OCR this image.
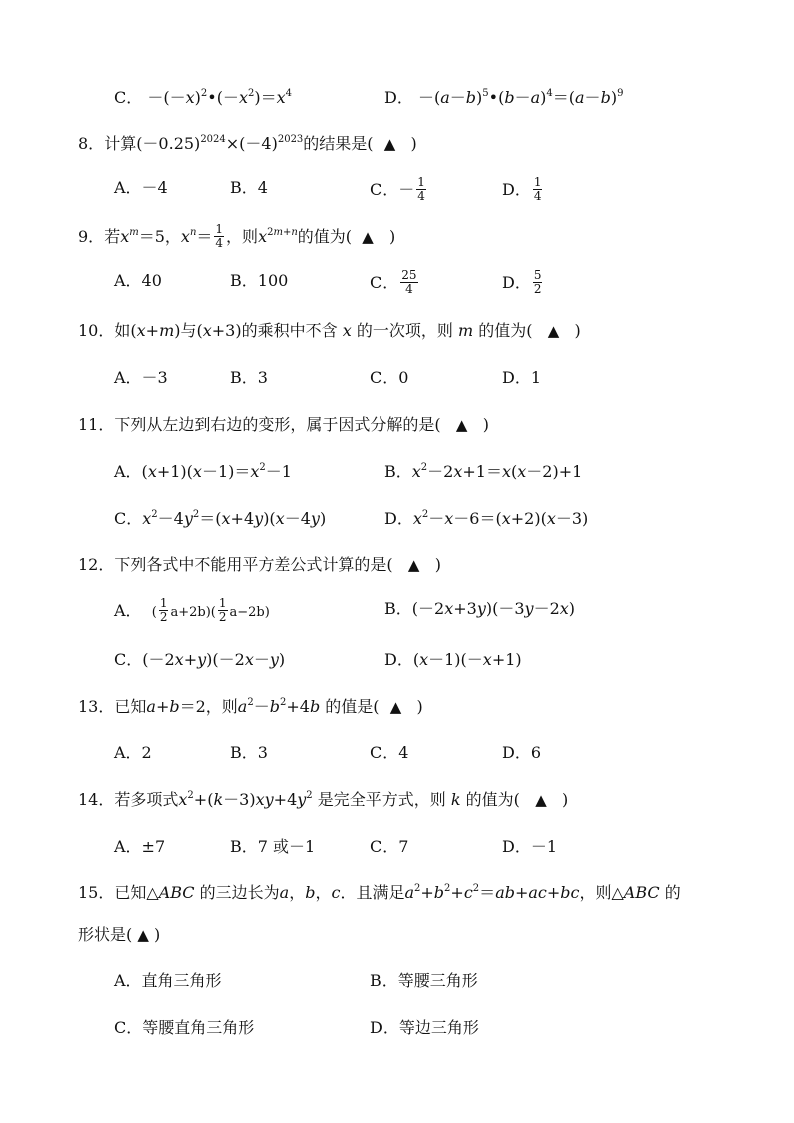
C． $-(-x)^2•(-x^2)=x^4$	D． $-(a-b)^5•(b-a)^4=(a-b)^9$
8．计算$(-0.25)^{2024}\times(-4)^{2023}$的结果是( ▲ )
A．－4	B．4	C．－ $\frac{1}{4}$	D． $\frac{1}{4}$
9．若$x^m=5$，$x^n= \frac{1}{4}$ ，则$x^{2m+n}$的值为( ▲ )
A．40	B．100	C． $\frac{25}{4}$	D． $\frac{5}{2}$
10．如(x+m)与(x+3)的乘积中不含 x 的一次项，则 m 的值为( ▲ )
A．－3	B．3	C．0	D．1
11．下列从左边到右边的变形，属于因式分解的是( ▲ )
A．$(x+1)(x-1)=x^2-1$	B．$x^2-2x+1=x(x-2)+1$
C．$x^2-4y^2=(x+4y)(x-4y)$	D．$x^2-x-6=(x+2)(x-3)$
12．下列各式中不能用平方差公式计算的是( ▲ )
A．  ( $\frac{1}{2} a+2b)( \frac{1}{2} a-2b)$	B．(－2x+3y)(－3y－2x)
C．(－2x+y)(－2x－y)	D．(x－1)(－x+1)
13．已知a+b＝2，则$a^2-b^2+4b$ 的值是( ▲ )
A．2	B．3	C．4	D．6
14．若多项式$x^2+(k-3)xy+4y^2$ 是完全平方式，则 k 的值为( ▲ )
A．±7	B．7 或－1	C．7	D．－1
15．已知△ABC 的三边长为a，b，c．且满足$a^2+b^2+c^2=ab+ac+bc$，则△ABC 的
形状是( ▲ )
A．直角三角形	B．等腰三角形
C．等腰直角三角形	D．等边三角形
